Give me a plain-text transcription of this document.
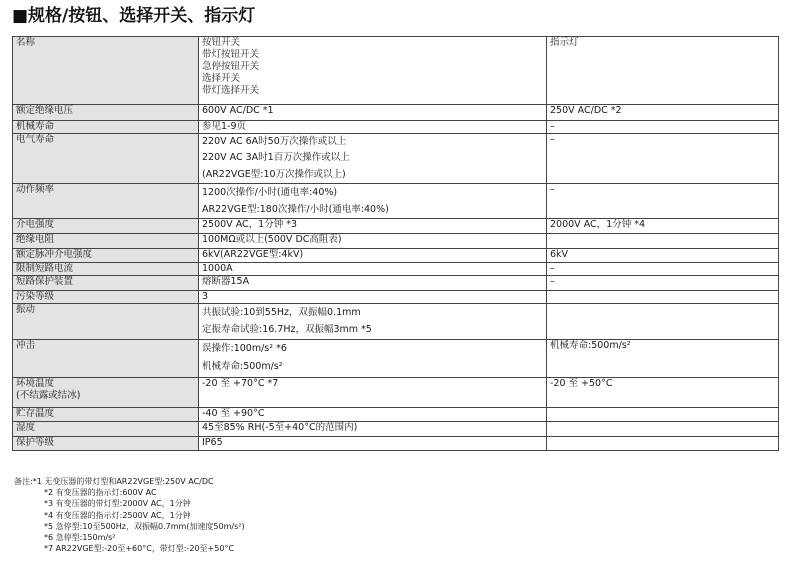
■规格/按钮、选择开关、指示灯
名称	按钮开关
带灯按钮开关
急停按钮开关
选择开关
带灯选择开关	指示灯

额定绝缘电压	600V AC/DC *1	250V AC/DC *2

机械寿命	参见1-9页	–

电气寿命	220V AC 6A时50万次操作或以上
220V AC 3A时1百万次操作或以上
(AR22VGE型:10万次操作或以上)	–

动作频率	1200次操作/小时(通电率:40%)
AR22VGE型:180次操作/小时(通电率:40%)	–

介电强度	2500V AC，1分钟 *3	2000V AC，1分钟 *4

绝缘电阻	100MΩ或以上(500V DC高阻表)	

额定脉冲介电强度	6kV(AR22VGE型:4kV)	6kV

限制短路电流	1000A	–

短路保护装置	熔断器15A	–

污染等级	3	

振动	共振试验:10到55Hz，双振幅0.1mm
定振寿命试验:16.7Hz，双振幅3mm *5	

冲击	误操作:100m/s² *6
机械寿命:500m/s²	机械寿命:500m/s²

环境温度
(不结露或结冰)	-20 至 +70°C *7	-20 至 +50°C

贮存温度	-40 至 +90°C	

湿度	45至85% RH(-5至+40°C的范围内)	

保护等级	IP65	

备注:*1 无变压器的带灯型和AR22VGE型:250V AC/DC
*2 有变压器的指示灯:600V AC
*3 有变压器的带灯型:2000V AC，1分钟
*4 有变压器的指示灯:2500V AC，1分钟
*5 急停型:10至500Hz，双振幅0.7mm(加速度50m/s²)
*6 急停型:150m/s²
*7 AR22VGE型:-20至+60°C，带灯型:-20至+50°C
